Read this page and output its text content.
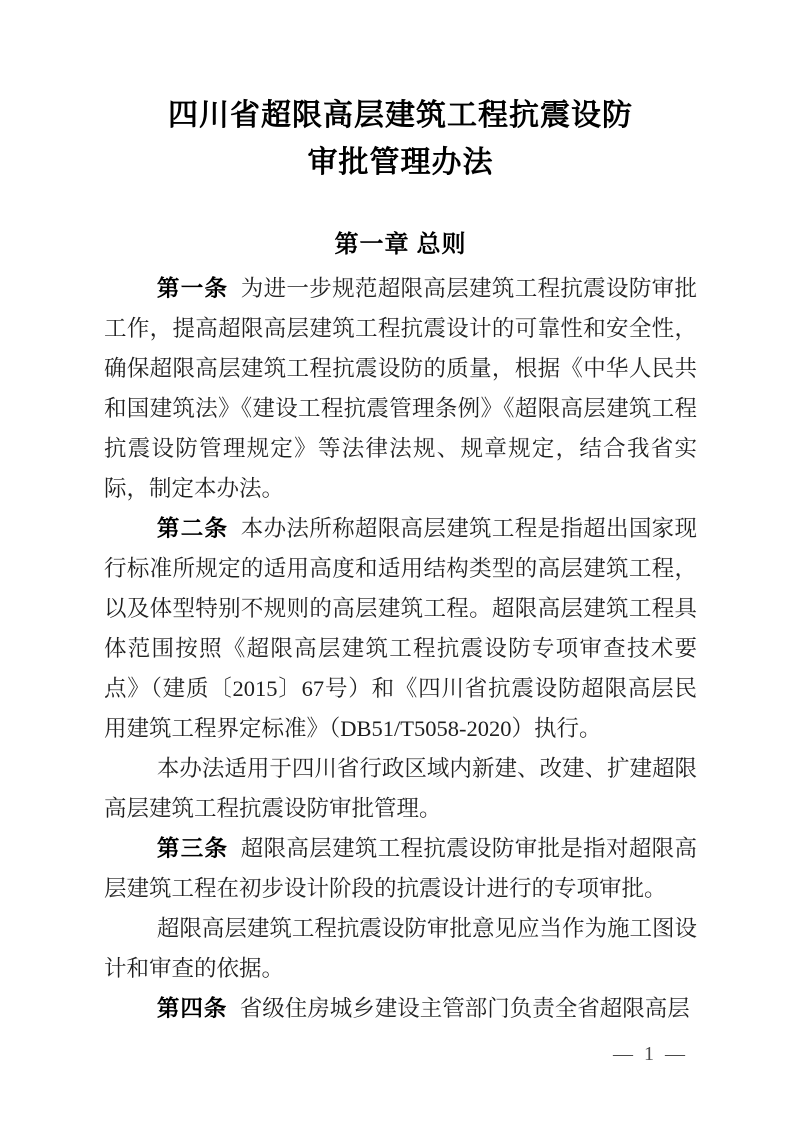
四川省超限高层建筑工程抗震设防
审批管理办法
第一章 总则

第一条 为进一步规范超限高层建筑工程抗震设防审批工作，提高超限高层建筑工程抗震设计的可靠性和安全性，确保超限高层建筑工程抗震设防的质量，根据《中华人民共和国建筑法》《建设工程抗震管理条例》《超限高层建筑工程抗震设防管理规定》等法律法规、规章规定，结合我省实际，制定本办法。

第二条 本办法所称超限高层建筑工程是指超出国家现行标准所规定的适用高度和适用结构类型的高层建筑工程，以及体型特别不规则的高层建筑工程。超限高层建筑工程具体范围按照《超限高层建筑工程抗震设防专项审查技术要点》（建质〔2015〕67号）和《四川省抗震设防超限高层民用建筑工程界定标准》（DB51/T5058-2020）执行。

本办法适用于四川省行政区域内新建、改建、扩建超限高层建筑工程抗震设防审批管理。

第三条 超限高层建筑工程抗震设防审批是指对超限高层建筑工程在初步设计阶段的抗震设计进行的专项审批。

超限高层建筑工程抗震设防审批意见应当作为施工图设计和审查的依据。

第四条 省级住房城乡建设主管部门负责全省超限高层

— 1 —
